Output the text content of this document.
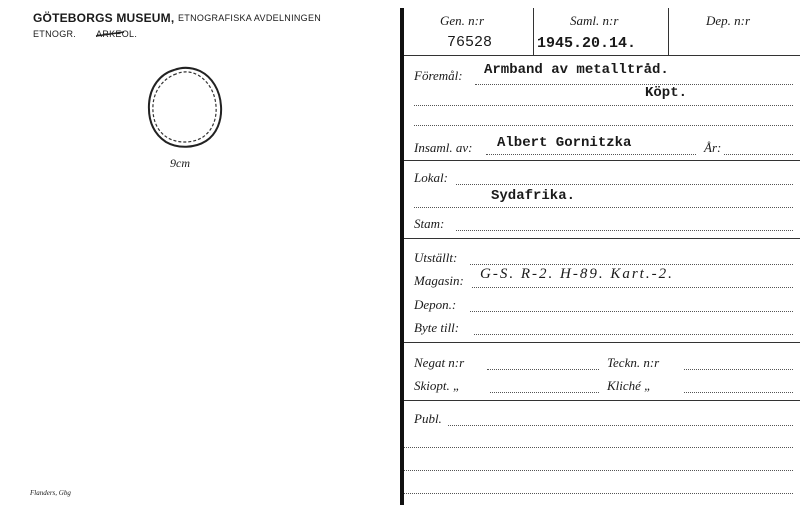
GÖTEBORGS MUSEUM, ETNOGRAFISKA AVDELNINGEN
ETNOGR. ARKEOL.
9cm
Flanders, Gbg
Gen. n:r	Saml. n:r	Dep. n:r
76528	1945.20.14.
Föremål: Armband av metalltråd.
Köpt.
Insaml. av: Albert Gornitzka	År:
Lokal:
Sydafrika.
Stam:
Utställt:
Magasin: G-S. R-2. H-89. Kart.-2.
Depon.:
Byte till:
Negat n:r	Teckn. n:r
Skiopt. „	Kliché „
Publ.
